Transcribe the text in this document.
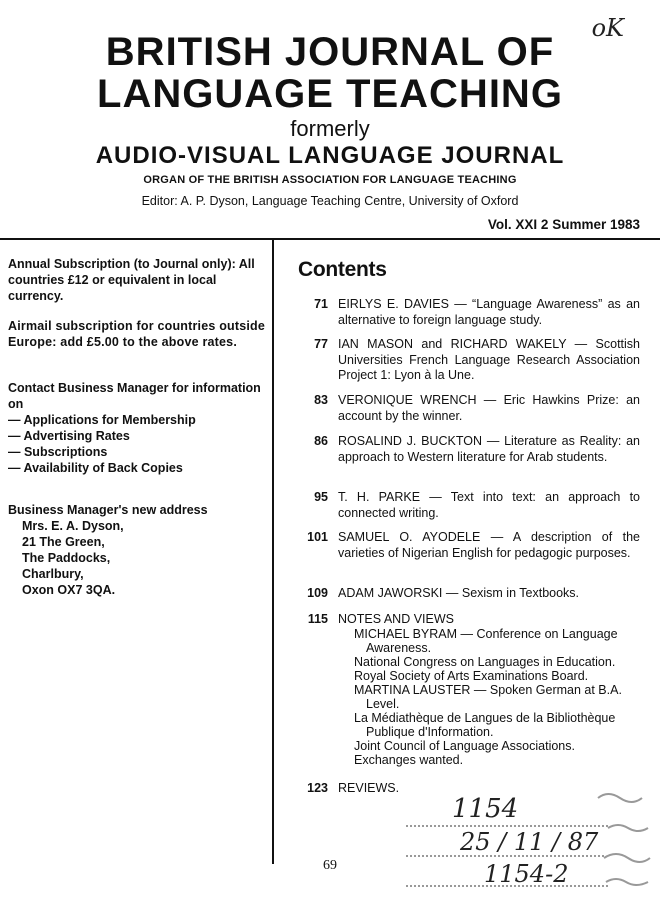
oK
BRITISH JOURNAL OF
LANGUAGE TEACHING
formerly
AUDIO-VISUAL LANGUAGE JOURNAL
ORGAN OF THE BRITISH ASSOCIATION FOR LANGUAGE TEACHING
Editor: A. P. Dyson, Language Teaching Centre, University of Oxford
Vol. XXI 2 Summer 1983
Annual Subscription (to Journal only): All countries £12 or equivalent in local currency.
Airmail subscription for countries outside Europe: add £5.00 to the above rates.
Contact Business Manager for information on

— Applications for Membership

— Advertising Rates

— Subscriptions

— Availability of Back Copies

Business Manager's new address

Mrs. E. A. Dyson,

21 The Green,

The Paddocks,

Charlbury,

Oxon OX7 3QA.

Contents
71 EIRLYS E. DAVIES — “Language Awareness” as an alternative to foreign language study.
77 IAN MASON and RICHARD WAKELY — Scottish Universities French Language Research Association Project 1: Lyon à la Une.
83 VERONIQUE WRENCH — Eric Hawkins Prize: an account by the winner.
86 ROSALIND J. BUCKTON — Literature as Reality: an approach to Western literature for Arab students.
95 T. H. PARKE — Text into text: an approach to connected writing.
101 SAMUEL O. AYODELE — A description of the varieties of Nigerian English for pedagogic purposes.
109 ADAM JAWORSKI — Sexism in Textbooks.
115 NOTES AND VIEWS
MICHAEL BYRAM — Conference on Language Awareness.
National Congress on Languages in Education.
Royal Society of Arts Examinations Board.
MARTINA LAUSTER — Spoken German at B.A. Level.
La Médiathèque de Langues de la Bibliothèque Publique d'Information.
Joint Council of Language Associations.
Exchanges wanted.
123 REVIEWS.
1154
25 / 11 / 87
1154-2
69
